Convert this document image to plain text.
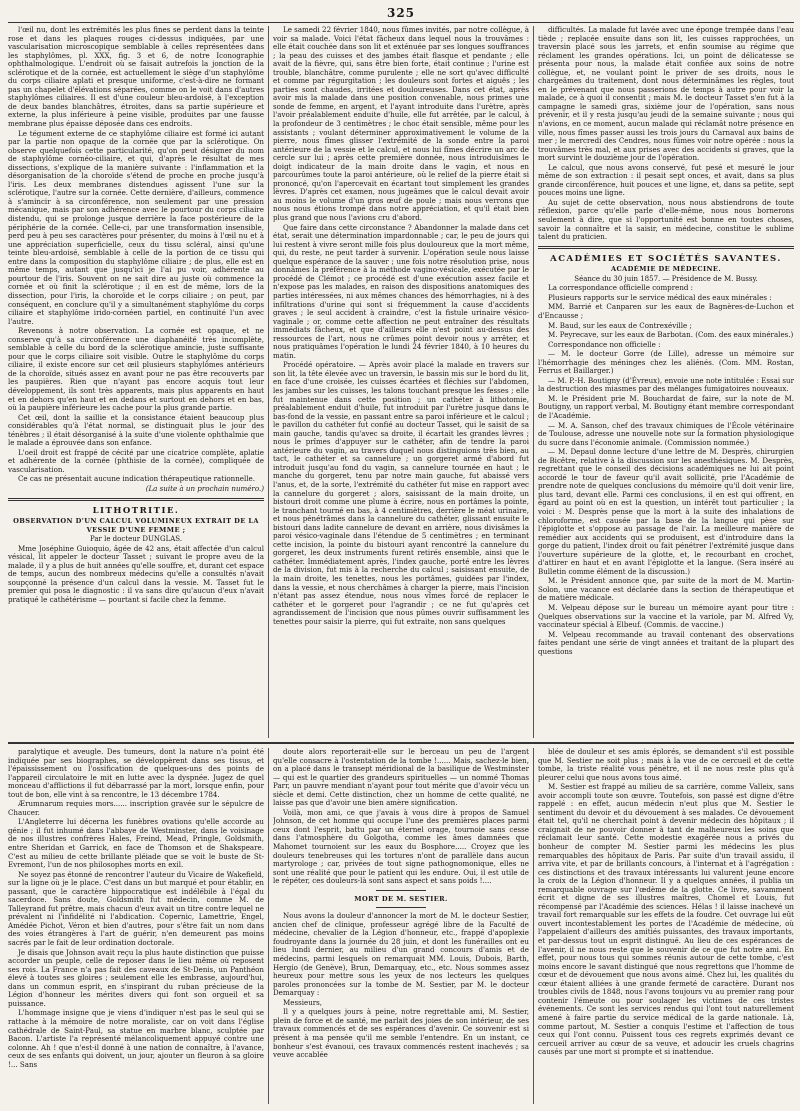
325

l'œil nu, dont les extrémités les plus fines se perdent dans la teinte rose et dans les plaques rouges ci-dessus indiquées, par une vascularisation microscopique semblable à celles représentées dans les staphylômes, pl. XXX, fig. 3 et 6, de notre Iconographie ophthalmologique. L'endroit où se faisait autrefois la jonction de la sclérotique et de la cornée, est actuellement le siège d'un staphylôme du corps ciliaire aplati et presque uniforme, c'est-à-dire ne formant pas un chapelet d'élévations séparées, comme on le voit dans d'autres staphylômes ciliaires. Il est d'une couleur bleu-ardoisé, à l'exception de deux bandes blanchâtres, étroites, dans sa partie supérieure et externe, la plus inférieure à peine visible, produites par une fausse membrane plus épaisse déposée dans ces endroits.

Le tégument externe de ce staphylôme ciliaire est formé ici autant par la partie non opaque de la cornée que par la sclérotique. On observe quelquefois cette particularité, qu'on peut désigner du nom de staphylôme cornéo-ciliaire, et qui, d'après le résultat de mes dissections, s'explique de la manière suivante : l'inflammation et la désorganisation de la choroïde s'étend de proche en proche jusqu'à l'iris. Les deux membranes distendues agissent l'une sur la sclérotique, l'autre sur la cornée. Cette dernière, d'ailleurs, commence à s'amincir à sa circonférence, non seulement par une pression mécanique, mais par son adhérence avec le pourtour du corps ciliaire distendu, qui se prolonge jusque derrière la face postérieure de la périphérie de la cornée. Celle-ci, par une transformation insensible, perd peu à peu ses caractères pour présenter, du moins à l'œil nu et à une appréciation superficielle, ceux du tissu scléral, ainsi qu'une teinte bleu-ardoisé, semblable à celle de la portion de ce tissu qui entre dans la composition du staphylôme ciliaire ; de plus, elle est en même temps, autant que jusqu'ici je l'ai pu voir, adhérente au pourtour de l'iris. Souvent on ne sait dire au juste où commence la cornée et où finit la sclérotique ; il en est de même, lors de la dissection, pour l'iris, la choroïde et le corps ciliaire ; on peut, par conséquent, en conclure qu'il y a simultanément staphylôme du corps ciliaire et staphylôme irido-cornéen partiel, en continuité l'un avec l'autre.

Revenons à notre observation. La cornée est opaque, et ne conserve qu'à sa circonférence une diaphanéité très incomplète, semblable à celle du bord de la sclérotique amincie, juste suffisante pour que le corps ciliaire soit visible. Outre le staphylôme du corps ciliaire, il existe encore sur cet œil plusieurs staphylômes antérieurs de la choroïde, situés assez en avant pour ne pas être recouverts par les paupières. Rien que n'ayant pas encore acquis tout leur développement, ils sont très apparents, mais plus apparents en haut et en dehors qu'en haut et en dedans et surtout en dehors et en bas, où la paupière inférieure les cache pour la plus grande partie.

Cet œil, dont la saillie et la consistance étaient beaucoup plus considérables qu'à l'état normal, se distinguait plus le jour des ténèbres ; il était désorganisé à la suite d'une violente ophthalmie que le malade a éprouvée dans son enfance.

L'oeil droit est frappé de cécité par une cicatrice complète, aplatie et adhérente de la cornée (phthisie de la cornée), compliquée de vascularisation.

Ce cas ne présentait aucune indication thérapeutique rationnelle.

(La suite à un prochain numéro.)

LITHOTRITIE.

OBSERVATION D'UN CALCUL VOLUMINEUX EXTRAIT DE LA VESSIE D'UNE FEMME ;

Par le docteur DUNGLAS.

Mme Joséphine Guioquio, âgée de 42 ans, était affectée d'un calcul vésical, lit appeler le docteur Tasset ; suivant le propre aveu de la malade, il y a plus de huit années qu'elle souffre, et, durant cet espace de temps, aucun des nombreux médecins qu'elle a consultés n'avait soupçonné la présence d'un calcul dans la vessie. M. Tasset fut le premier qui posa le diagnostic : il va sans dire qu'aucun d'eux n'avait pratiqué le cathétérisme — pourtant si facile chez la femme.

Le samedi 22 février 1840, nous fûmes invités, par notre collègue, à voir sa malade. Voici l'état fâcheux dans lequel nous la trouvâmes : elle était couchée dans son lit et exténuée par ses longues souffrances ; la peau des cuisses et des jambes était flasque et pendante ; elle avait de la fièvre, qui, sans être bien forte, était continue ; l'urine est trouble, blanchâtre, comme purulente ; elle ne sort qu'avec difficulté et comme par régurgitation ; les douleurs sont fortes et aiguës ; les parties sont chaudes, irritées et douloureuses. Dans cet état, après avoir mis la malade dans une position convenable, nous primes une sonde de femme, en argent, et l'ayant introduite dans l'urètre, après l'avoir préalablement enduite d'huile, elle fut arrêtée, par le calcul, à la profondeur de 3 centimètres ; le choc était sensible, même pour les assistants ; voulant déterminer approximativement le volume de la pierre, nous fîmes glisser l'extrémité de la sonde entre la paroi antérieure de la vessie et le calcul, et nous lui fîmes décrire un arc de cercle sur lui ; après cette première donnée, nous introduisîmes le doigt indicateur de la main droite dans le vagin, et nous en parcourûmes toute la paroi antérieure, où le relief de la pierre était si prononcé, qu'on l'apercevait en écartant tout simplement les grandes lèvres. D'après cet examen, nous jugeâmes que le calcul devait avoir au moins le volume d'un gros œuf de poule ; mais nous verrons que nous nous étions trompé dans notre appréciation, et qu'il était bien plus grand que nous l'avions cru d'abord.

Que faire dans cette circonstance ? Abandonner la malade dans cet état, serait une détermination impardonnable ; car, le peu de jours qui lui restent à vivre seront mille fois plus douloureux que la mort même, qui, du reste, ne peut tarder à survenir. L'opération seule nous laisse quelque espérance de la sauver ; une fois notre résolution prise, nous donnâmes la préférence à la méthode vagino-vésicale, exécutée par le procédé de Clémot ; ce procédé est d'une exécution assez facile et n'expose pas les malades, en raison des dispositions anatomiques des parties intéressées, ni aux mêmes chances des hémorrhagies, ni à des infiltrations d'urine qui sont si fréquemment la cause d'accidents graves ; le seul accident à craindre, c'est la fistule urinaire vésico-vaginale ; or, comme cette affection ne peut entraîner des résultats immédiats fâcheux, et que d'ailleurs elle n'est point au-dessus des ressources de l'art, nous ne crûmes point devoir nous y arrêter, et nous pratiquâmes l'opération le lundi 24 février 1840, à 10 heures du matin.

Procédé opératoire. — Après avoir placé la malade en travers sur son lit, la tête élevée avec un traversin, le bassin mis sur le bord du lit, en face d'une croisée, les cuisses écartées et fléchies sur l'abdomen, les jambes sur les cuisses, les talons touchant presque les fesses ; elle fut maintenue dans cette position ; un cathéter à lithotomie, préalablement enduit d'huile, fut introduit par l'urètre jusque dans le bas-fond de la vessie, en passant entre sa paroi inférieure et le calcul ; le pavillon du cathéter fut confié au docteur Tasset, qui le saisit de sa main gauche, tandis qu'avec sa droite, il écartait les grandes lèvres ; nous le prîmes d'appuyer sur le cathéter, afin de tendre la paroi antérieure du vagin, au travers duquel nous distinguions très bien, au tact, le cathéter et sa cannelure ; un gorgeret armé d'abord fut introduit jusqu'au fond du vagin, sa cannelure tournée en haut ; le manche du gorgeret, tenu par notre main gauche, fut abaissé vers l'anus, et, de la sorte, l'extrémité du cathéter fut mise en rapport avec la cannelure du gorgeret ; alors, saisissant de la main droite, un bistouri droit comme une plume à écrire, nous en portâmes la pointe, le tranchant tourné en bas, à 4 centimètres, derrière le méat urinaire, et nous pénétrâmes dans la cannelure du cathéter, glissant ensuite le bistouri dans ladite cannelure de devant en arrière, nous divisâmes la paroi vésico-vaginale dans l'étendue de 5 centimètres ; en terminant cette incision, la pointe du bistouri ayant rencontré la cannelure du gorgeret, les deux instruments furent retirés ensemble, ainsi que le cathéter. Immédiatement après, l'index gauche, porté entre les lèvres de la division, fut mis à la recherche du calcul ; saisissant ensuite, de la main droite, les tenettes, nous les portâmes, guidées par l'index, dans la vessie, et nous cherchâmes à charger la pierre, mais l'incision n'étant pas assez étendue, nous nous vîmes forcé de replacer le cathéter et le gorgeret pour l'agrandir ; ce ne fut qu'après cet agrandissement de l'incision que nous pûmes ouvrir suffisamment les tenettes pour saisir la pierre, qui fut extraite, non sans quelques

difficultés. La malade fut lavée avec une éponge trempée dans l'eau tiède ; replacée ensuite dans son lit, les cuisses rapprochées, un traversin placé sous les jarrets, et enfin soumise au régime que réclament les grandes opérations. Ici, un point de délicatesse se présenta pour nous, la malade était confiée aux soins de notre collègue, et, ne voulant point le priver de ses droits, nous le chargeâmes du traitement, dont nous déterminâmes les règles, tout en le prévenant que nous passerions de temps à autre pour voir la malade, ce à quoi il consentit ; mais M. le docteur Tasset s'en fut à la campagne le samedi gras, sixième jour de l'opération, sans nous prévenir, et il y resta jusqu'au jeudi de la semaine suivante ; nous qui n'avions, en ce moment, aucun malade qui réclamât notre présence en ville, nous fîmes passer aussi les trois jours du Carnaval aux bains de mer ; le mercredi des Cendres, nous fûmes voir notre opérée : nous la trouvâmes très mal, et aux prises avec des accidents si graves, que la mort survint le douzième jour de l'opération.

Le calcul, que nous avons conservé, fut pesé et mesuré le jour même de son extraction : il pesait sept onces, et avait, dans sa plus grande circonférence, huit pouces et une ligne, et, dans sa petite, sept pouces moins une ligne.

Au sujet de cette observation, nous nous abstiendrons de toute réflexion, parce qu'elle parle d'elle-même, nous nous bornerons seulement à dire, que si l'opportunité est bonne en toutes choses, savoir la connaître et la saisir, en médecine, constitue le sublime talent du praticien.

ACADÉMIES ET SOCIÉTÉS SAVANTES.

ACADÉMIE DE MÉDECINE.

Séance du 30 juin 1857. — Présidence de M. Bussy.

La correspondance officielle comprend :

Plusieurs rapports sur le service médical des eaux minérales :

MM. Barrié et Canparen sur les eaux de Bagnères-de-Luchon et d'Encausse ;

M. Baud, sur les eaux de Contrexéville ;

M. Peyrecave, sur les eaux de Barbotan. (Com. des eaux minérales.)

Correspondance non officielle :

— M. le docteur Gorre (de Lille), adresse un mémoire sur l'hémorrhagie des méninges chez les aliénés. (Com. MM. Rostan, Ferrus et Baillarger.)

— M. P.-H. Boutigny (d'Évreux), envoie une note intitulée : Essai sur la destruction des miasmes par des mélanges fumigatoires nouveaux.

M. le Président prie M. Bouchardat de faire, sur la note de M. Boutigny, un rapport verbal, M. Boutigny étant membre correspondant de l'Académie.

— M. A. Sanson, chef des travaux chimiques de l'École vétérinaire de Toulouse, adresse une nouvelle note sur la formation physiologique du sucre dans l'économie animale. (Commission nommée.)

— M. Depaul donne lecture d'une lettre de M. Desprès, chirurgien de Bicêtre, relative à la discussion sur les anesthésiques. M. Desprès, regrettant que le conseil des décisions académiques ne lui ait point accordé le tour de faveur qu'il avait sollicité, prie l'Académie de prendre note de quelques conclusions du mémoire qu'il doit venir lire, plus tard, devant elle. Parmi ces conclusions, il en est qui offrent, en égard au point où en est la question, un intérêt tout particulier ; la voici : M. Desprès pense que la mort à la suite des inhalations de chloroforme, est causée par la base de la langue qui pèse sur l'épiglotte et s'oppose au passage de l'air. La meilleure manière de remédier aux accidents qui se produisent, est d'introduire dans la gorge du patient, l'index droit ou fait pénétrer l'extrémité jusque dans l'ouverture supérieure de la glotte, et, le recourbant en crochet, d'attirer en haut et en avant l'épiglotte et la langue. (Sera inséré au Bulletin comme élément de la discussion.)

M. le Président annonce que, par suite de la mort de M. Martin-Solon, une vacance est déclarée dans la section de thérapeutique et de matière médicale.

M. Velpeau dépose sur le bureau un mémoire ayant pour titre : Quelques observations sur la vaccine et la variole, par M. Alfred Vy, vaccinateur spécial à Elbeuf. (Commis. de vaccine.)

M. Velpeau recommande au travail contenant des observations faites pendant une série de vingt années et traitant de la plupart des questions

paralytique et aveugle. Des tumeurs, dont la nature n'a point été indiquée par ses biographes, se développèrent dans ses tissus, et l'épaississement ou l'ossification de quelques-uns des points de l'appareil circulatoire le mit en lutte avec la dyspnée. Jugez de quel monceau d'afflictions il fut débarrassé par la mort, lorsque enfin, pour tout de bon, elle vint à sa rencontre, le 13 décembre 1784.

Ærumnarum requies mors...... inscription gravée sur le sépulcre de Chaucer.

L'Angleterre lui décerna les funèbres ovations qu'elle accorde au génie ; il fut inhumé dans l'abbaye de Westminster, dans le voisinage de nos illustres confrères Hales, Freind, Mead, Pringle, Goldsmith, entre Sheridan et Garrick, en face de Thomson et de Shakspeare. C'est au milieu de cette brillante pléiade que se voit le buste de St-Evremont, l'un de nos philosophes morts en exil.

Ne soyez pas étonné de rencontrer l'auteur du Vicaire de Wakefield, sur la ligne où je le place. C'est dans un but marqué et pour établir, en passant, que le caractère hippocratique est indélébile à l'égal du sacerdoce. Sans doute, Goldsmith fut médecin, comme M. de Talleyrand fut prêtre, mais chacun d'eux avait un titre contre lequel ne prévalent ni l'infidélité ni l'abdication. Copernic, Lamettrie, Engel, Amédée Pichot, Véron et bien d'autres, pour s'être fait un nom dans des voies étrangères à l'art de guérir, n'en demeurent pas moins sacrés par le fait de leur ordination doctorale.

Je disais que Johnson avait reçu la plus haute distinction que puisse accorder un peuple, celle de reposer dans le lieu même où reposent ses rois. La France n'a pas fait des caveaux de St-Denis, un Panthéon élevé à toutes ses gloires ; seulement elle les embrasse, aujourd'hui, dans un commun esprit, en s'inspirant du ruban précieuse de la Légion d'honneur les mérites divers qui font son orgueil et sa puissance.

L'hommage insigne que je viens d'indiquer n'est pas le seul qui se rattache à la mémoire de notre moraliste, car on voit dans l'église cathédrale de Saint-Paul, sa statue en marbre blanc, sculptée par Bacon. L'artiste l'a représenté mélancoliquement appuyé contre une colonne. Ah ! que n'est-il donné à une nation de connaître, à l'avance, ceux de ses enfants qui doivent, un jour, ajouter un fleuron à sa gloire !... Sans

doute alors reporterait-elle sur le berceau un peu de l'argent qu'elle consacre à l'ostentation de la tombe !...... Mais, sachez-le bien, on a placé dans le transept méridional de la basilique de Westminster — qui est le quartier des grandeurs spirituelles — un nommé Thomas Parr, un pauvre mendiant n'ayant pour tout mérite que d'avoir vécu un siècle et demi. Cette distinction, chez un homme de cette qualité, ne laisse pas que d'avoir une bien amère signification.

Voilà, mon ami, ce que j'avais à vous dire à propos de Samuel Johnson, de cet homme qui occupe l'une des premières places parmi ceux dont l'esprit, battu par un éternel orage, tournoie sans cesse dans l'atmosphère du Golgotha, comme les âmes damnées que Mahomet tournoient sur les eaux du Bosphore..... Croyez que les douleurs tenebreuses qui les tortures n'ont de parallèle dans aucun martyrologe ; car, privées de tout signe pathognomonique, elles ne sont une réalité que pour le patient qui les endure. Oui, il est utile de le répéter, ces douleurs-là sont sans aspect et sans poids !....

MORT DE M. SESTIER.

Nous avons la douleur d'annoncer la mort de M. le docteur Sestier, ancien chef de clinique, professeur agrégé libre de la Faculté de médecine, chevalier de la Légion d'honneur, etc., frappé d'apoplexie foudroyante dans la journée du 28 juin, et dont les funérailles ont eu lieu lundi dernier, au milieu d'un grand concours d'amis et de médecins, parmi lesquels on remarquait MM. Louis, Dubois, Barth, Hergio (de Genève), Brun, Demarquay, etc., etc. Nous sommes assez heureux pour mettre sous les yeux de nos lecteurs les quelques paroles prononcées sur la tombe de M. Sestier, par M. le docteur Demarquay :

Messieurs,

Il y a quelques jours à peine, notre regrettable ami, M. Sestier, plein de force et de santé, me parlait des joies de son intérieur, de ses travaux commencés et de ses espérances d'avenir. Ce souvenir est si présent à ma pensée qu'il me semble l'entendre. En un instant, ce bonheur s'est évanoui, ces travaux commencés restent inachevés ; sa veuve accablée

blée de douleur et ses amis éplorés, se demandent s'il est possible que M. Sestier ne soit plus ; mais à la vue de ce cercueil et de cette tombe, la triste réalité vous pénètre, et il ne nous reste plus qu'à pleurer celui que nous avons tous aimé.

M. Sestier est frappé au milieu de sa carrière, comme Valleix, sans avoir accompli toute son œuvre. Toutefois, son passé est digne d'être rappelé : en effet, aucun médecin n'eut plus que M. Sestier le sentiment du devoir et du dévouement à ses malades. Ce dévouement était tel, qu'il ne cherchait point à devenir médecin des hôpitaux ; il craignait de ne pouvoir donner à tant de malheureux les soins que réclamait leur santé. Cette modestie exagérée nous a privés du bonheur de compter M. Sestier parmi les médecins les plus remarquables des hôpitaux de Paris. Par suite d'un travail assidu, il arriva vite, et par de brillants concours, à l'internat et à l'agrégation : ces distinctions et des travaux intéressants lui valurent jeune encore la croix de la Légion d'honneur. Il y a quelques années, il publia un remarquable ouvrage sur l'œdème de la glotte. Ce livre, savamment écrit et digne de ses illustres maîtres, Chomel et Louis, fut récompensé par l'Académie des sciences. Hélas ! il laisse inachevé un travail fort remarquable sur les effets de la foudre. Cet ouvrage lui eût ouvert incontestablement les portes de l'Académie de médecine, où l'appelaient d'ailleurs des amitiés puissantes, des travaux importants, et par-dessus tout un esprit distingué. Au lieu de ces espérances de l'avenir, il ne nous reste que le souvenir de ce que fut notre ami. En effet, pour nous tous qui sommes réunis autour de cette tombe, c'est moins encore le savant distingué que nous regrettons que l'homme de cœur et de dévouement que nous avons aimé. Chez lui, les qualités du cœur étaient alliées à une grande fermeté de caractère. Durant nos troubles civils de 1848, nous l'avons toujours vu au premier rang pour contenir l'émeute ou pour soulager les victimes de ces tristes événements. Ce sont les services rendus qui l'ont tout naturellement amené à faire partie du service médical de la garde nationale. Là, comme partout, M. Sestier a conquis l'estime et l'affection de tous ceux qui l'ont connu. Puissent tous ces regrets exprimés devant ce cercueil arriver au cœur de sa veuve, et adoucir les cruels chagrins causés par une mort si prompte et si inattendue.
